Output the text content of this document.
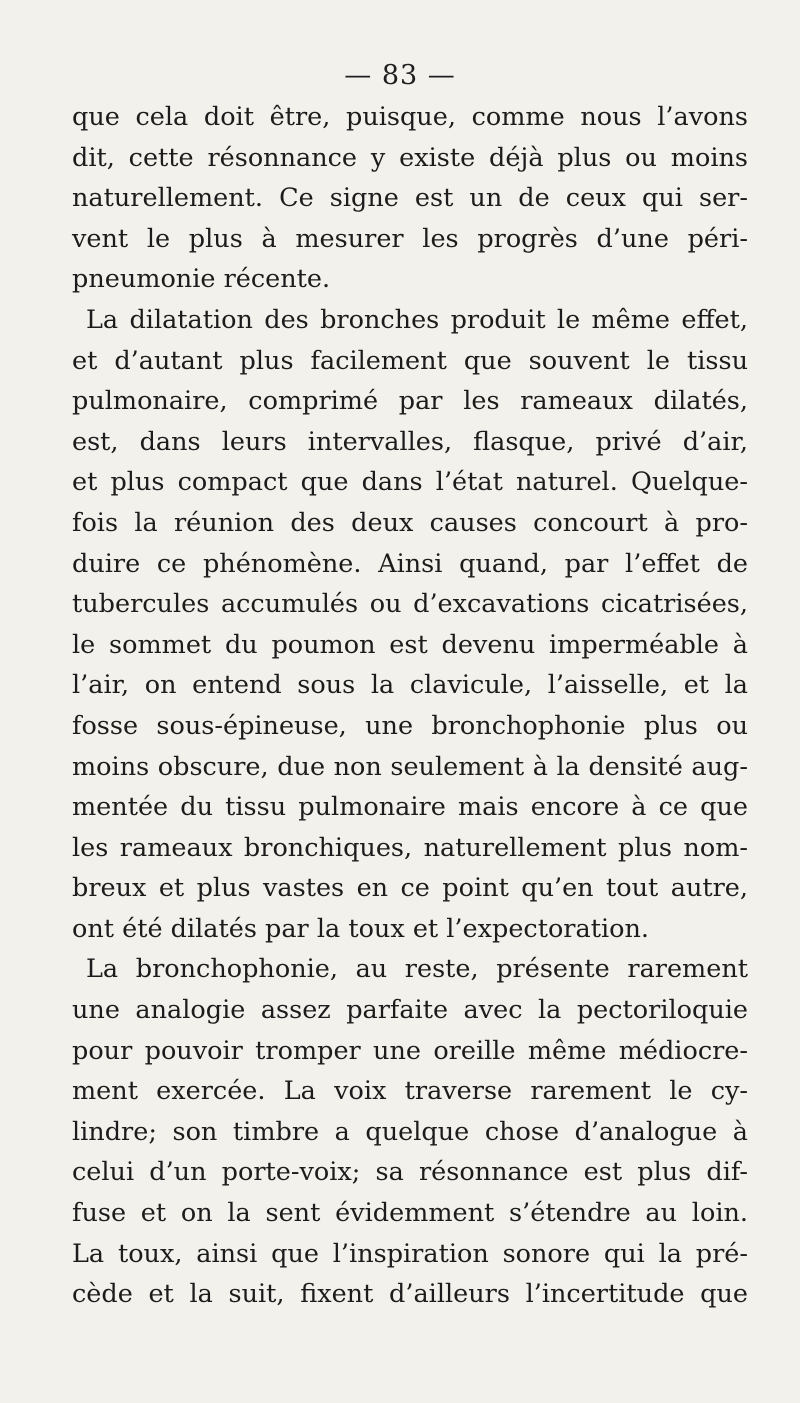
— 83 —
que cela doit être, puisque, comme nous l’avons
dit, cette résonnance y existe déjà plus ou moins
naturellement. Ce signe est un de ceux qui ser-
vent le plus à mesurer les progrès d’une péri-
pneumonie récente.
La dilatation des bronches produit le même effet,
et d’autant plus facilement que souvent le tissu
pulmonaire, comprimé par les rameaux dilatés,
est, dans leurs intervalles, flasque, privé d’air,
et plus compact que dans l’état naturel. Quelque-
fois la réunion des deux causes concourt à pro-
duire ce phénomène. Ainsi quand, par l’effet de
tubercules accumulés ou d’excavations cicatrisées,
le sommet du poumon est devenu imperméable à
l’air, on entend sous la clavicule, l’aisselle, et la
fosse sous-épineuse, une bronchophonie plus ou
moins obscure, due non seulement à la densité aug-
mentée du tissu pulmonaire mais encore à ce que
les rameaux bronchiques, naturellement plus nom-
breux et plus vastes en ce point qu’en tout autre,
ont été dilatés par la toux et l’expectoration.
La bronchophonie, au reste, présente rarement
une analogie assez parfaite avec la pectoriloquie
pour pouvoir tromper une oreille même médiocre-
ment exercée. La voix traverse rarement le cy-
lindre; son timbre a quelque chose d’analogue à
celui d’un porte-voix; sa résonnance est plus dif-
fuse et on la sent évidemment s’étendre au loin.
La toux, ainsi que l’inspiration sonore qui la pré-
cède et la suit, fixent d’ailleurs l’incertitude que
